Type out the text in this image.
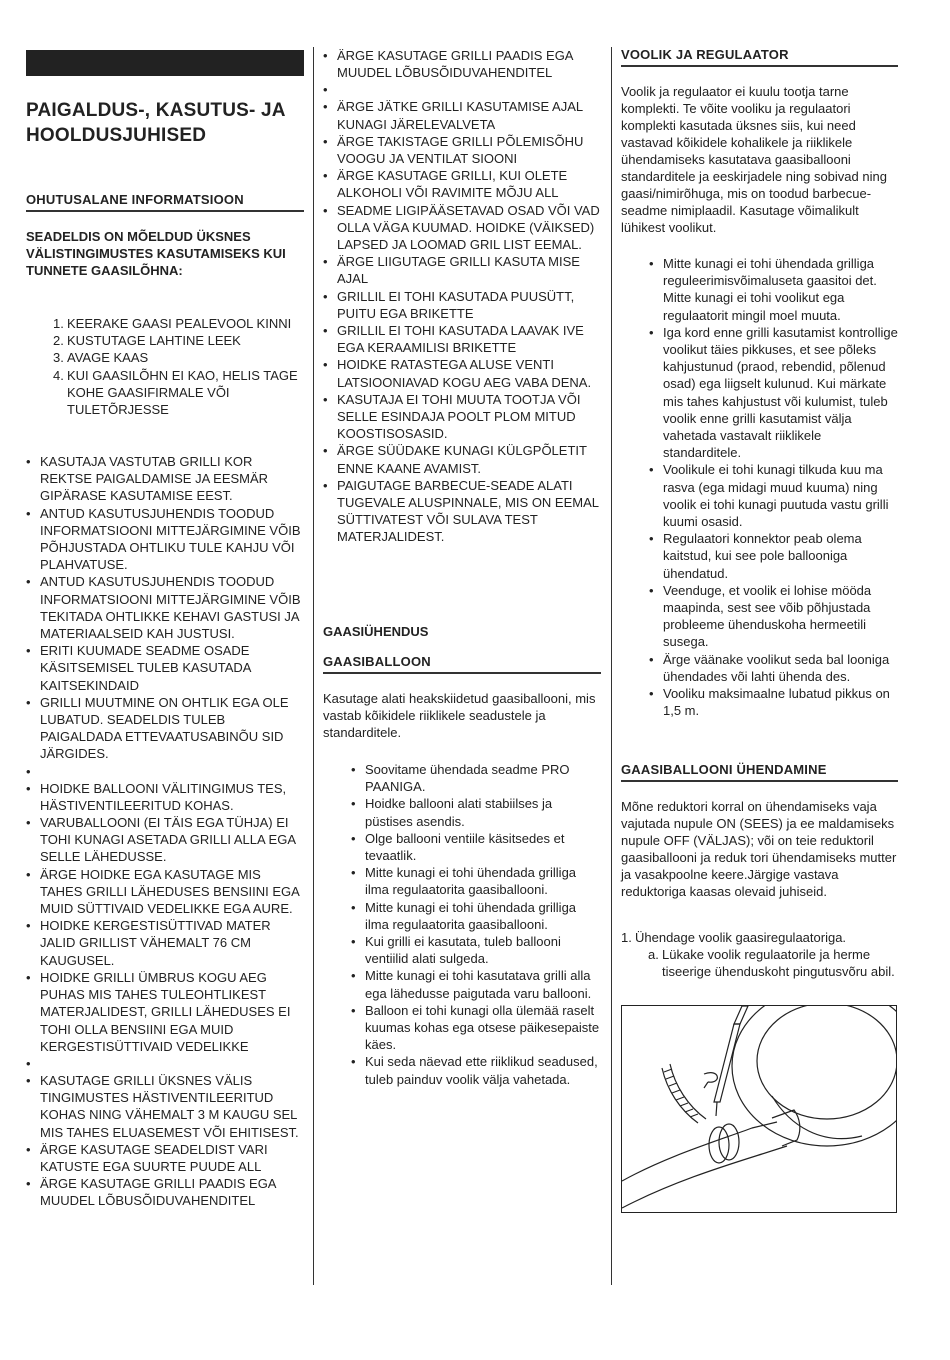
PAIGALDUS-, KASUTUS- JA HOOLDUSJUHISED
OHUTUSALANE INFORMATSIOON
SEADELDIS ON MÕELDUD ÜKSNES VÄLISTINGIMUSTES KASUTAMISEKS KUI TUNNETE GAASILÕHNA:
1. KEERAKE GAASI PEALEVOOL KINNI
2. KUSTUTAGE LAHTINE LEEK
3. AVAGE KAAS
4. KUI GAASILÕHN EI KAO, HELIS TAGE KOHE GAASIFIRMALE VÕI TULETÕRJESSE
• KASUTAJA VASTUTAB GRILLI KOR REKTSE PAIGALDAMISE JA EESMÄR GIPÄRASE KASUTAMISE EEST.
• ANTUD KASUTUSJUHENDIS TOODUD INFORMATSIOONI MITTEJÄRGIMINE VÕIB PÕHJUSTADA OHTLIKU TULE KAHJU VÕI PLAHVATUSE.
• ANTUD KASUTUSJUHENDIS TOODUD INFORMATSIOONI MITTEJÄRGIMINE VÕIB TEKITADA OHTLIKKE KEHAVI GASTUSI JA MATERIAALSEID KAH JUSTUSI.
• ERITI KUUMADE SEADME OSADE KÄSITSEMISEL TULEB KASUTADA KAITSEKINDAID
• GRILLI MUUTMINE ON OHTLIK EGA OLE LUBATUD. SEADELDIS TULEB PAIGALDADA ETTEVAATUSABINÕU SID JÄRGIDES.
•
• HOIDKE BALLOONI VÄLITINGIMUS TES, HÄSTIVENTILEERITUD KOHAS.
• VARUBALLOONI (EI TÄIS EGA TÜHJA) EI TOHI KUNAGI ASETADA GRILLI ALLA EGA SELLE LÄHEDUSSE.
• ÄRGE HOIDKE EGA KASUTAGE MIS TAHES GRILLI LÄHEDUSES BENSIINI EGA MUID SÜTTIVAID VEDELIKKE EGA AURE.
• HOIDKE KERGESTISÜTTIVAD MATER JALID GRILLIST VÄHEMALT 76 CM KAUGUSEL.
• HOIDKE GRILLI ÜMBRUS KOGU AEG PUHAS MIS TAHES TULEOHTLIKEST MATERJALIDEST, GRILLI LÄHEDUSES EI TOHI OLLA BENSIINI EGA MUID KERGESTISÜTTIVAID VEDELIKKE
•
• KASUTAGE GRILLI ÜKSNES VÄLIS TINGIMUSTES HÄSTIVENTILEERITUD KOHAS NING VÄHEMALT 3 M KAUGU SEL MIS TAHES ELUASEMEST VÕI EHITISEST.
• ÄRGE KASUTAGE SEADELDIST VARI KATUSTE EGA SUURTE PUUDE ALL
• ÄRGE KASUTAGE GRILLI PAADIS EGA MUUDEL LÕBUSÕIDUVAHENDITEL
• ÄRGE KASUTAGE GRILLI PAADIS EGA MUUDEL LÕBUSÕIDUVAHENDITEL
•
• ÄRGE JÄTKE GRILLI KASUTAMISE AJAL KUNAGI JÄRELEVALVETA
• ÄRGE TAKISTAGE GRILLI PÕLEMISÕHU VOOGU JA VENTILAT SIOONI
• ÄRGE KASUTAGE GRILLI, KUI OLETE ALKOHOLI VÕI RAVIMITE MÕJU ALL
• SEADME LIGIPÄÄSETAVAD OSAD VÕI VAD OLLA VÄGA KUUMAD. HOIDKE (VÄIKSED) LAPSED JA LOOMAD GRIL LIST EEMAL.
• ÄRGE LIIGUTAGE GRILLI KASUTA MISE AJAL
• GRILLIL EI TOHI KASUTADA PUUSÜTT, PUITU EGA BRIKETTE
• GRILLIL EI TOHI KASUTADA LAAVAK IVE EGA KERAAMILISI BRIKETTE
• HOIDKE RATASTEGA ALUSE VENTI LATSIOONIAVAD KOGU AEG VABA DENA.
• KASUTAJA EI TOHI MUUTA TOOTJA VÕI SELLE ESINDAJA POOLT PLOM MITUD KOOSTISOSASID.
• ÄRGE SÜÜDAKE KUNAGI KÜLGPÕLETIT ENNE KAANE AVAMIST.
• PAIGUTAGE BARBECUE-SEADE ALATI TUGEVALE ALUSPINNALE, MIS ON EEMAL SÜTTIVATEST VÕI SULAVA TEST MATERJALIDEST.
GAASIÜHENDUS
GAASIBALLOON

Kasutage alati heakskiidetud gaasiballooni, mis vastab kõikidele riiklikele seadustele ja standarditele.

• Soovitame ühendada seadme PRO PAANIGA.
• Hoidke ballooni alati stabiilses ja püstises asendis.
• Olge ballooni ventiile käsitsedes et tevaatlik.
• Mitte kunagi ei tohi ühendada grilliga ilma regulaatorita gaasiballooni.
• Mitte kunagi ei tohi ühendada grilliga ilma regulaatorita gaasiballooni.
• Kui grilli ei kasutata, tuleb ballooni ventiilid alati sulgeda.
• Mitte kunagi ei tohi kasutatava grilli alla ega lähedusse paigutada varu ballooni.
• Balloon ei tohi kunagi olla ülemää raselt kuumas kohas ega otsese päikesepaiste käes.
• Kui seda näevad ette riiklikud seadused, tuleb painduv voolik välja vahetada.
VOOLIK JA REGULAATOR

Voolik ja regulaator ei kuulu tootja tarne komplekti. Te võite vooliku ja regulaatori komplekti kasutada üksnes siis, kui need vastavad kõikidele kohalikele ja riiklikele ühendamiseks kasutatava gaasiballooni standarditele ja eeskirjadele ning sobivad ning gaasi/nimirõhuga, mis on toodud barbecue-seadme nimiplaadil. Kasutage võimalikult lühikest voolikut.

• Mitte kunagi ei tohi ühendada grilliga reguleerimisvõimaluseta gaasitoi det. Mitte kunagi ei tohi voolikut ega regulaatorit mingil moel muuta.
• Iga kord enne grilli kasutamist kontrollige voolikut täies pikkuses, et see põleks kahjustunud (praod, rebendid, põlenud osad) ega liigselt kulunud. Kui märkate mis tahes kahjustust või kulumist, tuleb voolik enne grilli kasutamist välja vahetada vastavalt riiklikele standarditele.
• Voolikule ei tohi kunagi tilkuda kuu ma rasva (ega midagi muud kuuma) ning voolik ei tohi kunagi puutuda vastu grilli kuumi osasid.
• Regulaatori konnektor peab olema kaitstud, kui see pole ballooniga ühendatud.
• Veenduge, et voolik ei lohise mööda maapinda, sest see võib põhjustada probleeme ühenduskoha hermeetili susega.
• Ärge väänake voolikut seda bal looniga ühendades või lahti ühenda des.
• Vooliku maksimaalne lubatud pikkus on 1,5 m.
GAASIBALLOONI ÜHENDAMINE

Mõne reduktori korral on ühendamiseks vaja vajutada nupule ON (SEES) ja ee maldamiseks nupule OFF (VÄLJAS); või on teie reduktoril gaasiballooni ja reduk tori ühendamiseks mutter ja vasakpoolne keere.Järgige vastava reduktoriga kaasas olevaid juhiseid.

1. Ühendage voolik gaasiregulaatoriga.
a. Lükake voolik regulaatorile ja herme tiseerige ühenduskoht pingutusvõru abil.
